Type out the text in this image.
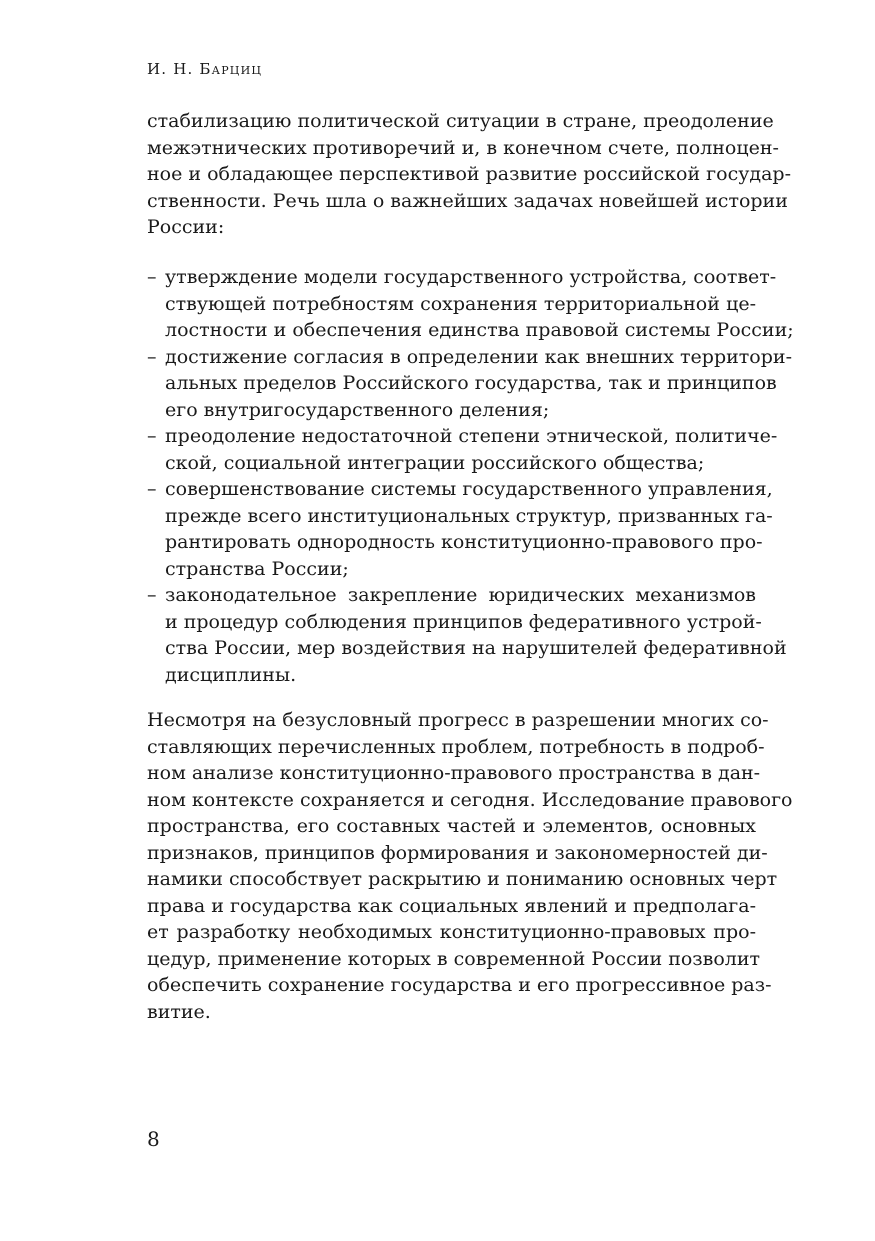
И. Н. Барциц
стабилизацию политической ситуации в стране, преодоление
межэтнических противоречий и, в конечном счете, полноцен-
ное и обладающее перспективой развитие российской государ-
ственности. Речь шла о важнейших задачах новейшей истории
России:
– утверждение модели государственного устройства, соответ-
ствующей потребностям сохранения территориальной це-
лостности и обеспечения единства правовой системы России;
– достижение согласия в определении как внешних территори-
альных пределов Российского государства, так и принципов
его внутригосударственного деления;
– преодоление недостаточной степени этнической, политиче-
ской, социальной интеграции российского общества;
– совершенствование системы государственного управления,
прежде всего институциональных структур, призванных га-
рантировать однородность конституционно-правового про-
странства России;
– законодательное закрепление юридических механизмов
и процедур соблюдения принципов федеративного устрой-
ства России, мер воздействия на нарушителей федеративной
дисциплины.
Несмотря на безусловный прогресс в разрешении многих со-
ставляющих перечисленных проблем, потребность в подроб-
ном анализе конституционно-правового пространства в дан-
ном контексте сохраняется и сегодня. Исследование правового
пространства, его составных частей и элементов, основных
признаков, принципов формирования и закономерностей ди-
намики способствует раскрытию и пониманию основных черт
права и государства как социальных явлений и предполага-
ет разработку необходимых конституционно-правовых про-
цедур, применение которых в современной России позволит
обеспечить сохранение государства и его прогрессивное раз-
витие.
8
